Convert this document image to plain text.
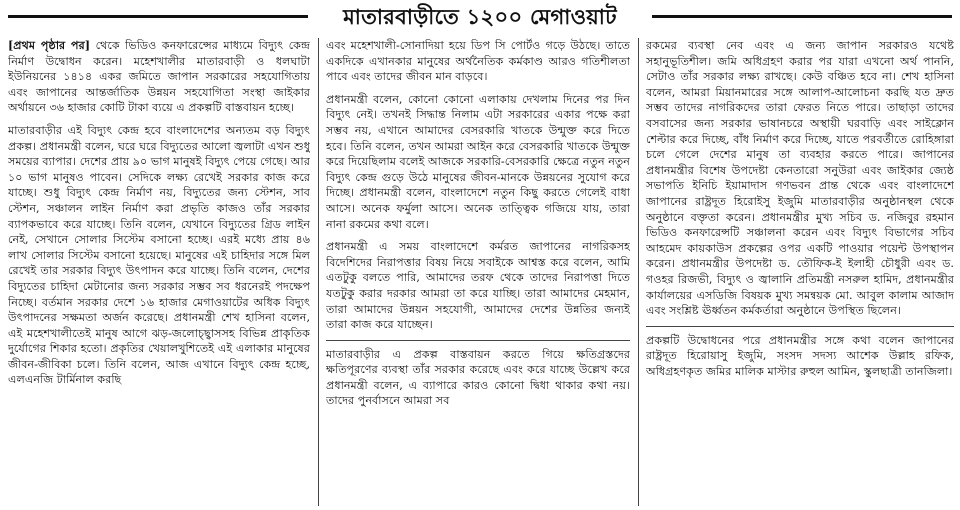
মাতারবাড়ীতে ১২০০ মেগাওয়াট

[প্রথম পৃষ্ঠার পর] থেকে ভিডিও কনফারেন্সের মাধ্যমে বিদ্যুৎ কেন্দ্র নির্মাণ উদ্বোধন করেন। মহেশখালীর মাতারবাড়ী ও ধলঘাটা ইউনিয়নের ১৪১৪ একর জমিতে জাপান সরকারের সহযোগিতায় এবং জাপানের আন্তর্জাতিক উন্নয়ন সহযোগিতা সংস্থা জাইকার অর্থায়নে ৩৬ হাজার কোটি টাকা ব্যয়ে এ প্রকল্পটি বাস্তবায়ন হচ্ছে।

মাতারবাড়ীর এই বিদ্যুৎ কেন্দ্র হবে বাংলাদেশের অন্যতম বড় বিদ্যুৎ প্রকল্প। প্রধানমন্ত্রী বলেন, ঘরে ঘরে বিদ্যুতের আলো জ্বলাটা এখন শুধু সময়ের ব্যাপার। দেশের প্রায় ৯০ ভাগ মানুষই বিদ্যুৎ পেয়ে গেছে। আর ১০ ভাগ মানুষও পাবেন। সেদিকে লক্ষ্য রেখেই সরকার কাজ করে যাচ্ছে। শুধু বিদ্যুৎ কেন্দ্র নির্মাণ নয়, বিদ্যুতের জন্য স্টেশন, সাব স্টেশন, সঞ্চালন লাইন নির্মাণ করা প্রভৃতি কাজও তাঁর সরকার ব্যাপকভাবে করে যাচ্ছে। তিনি বলেন, যেখানে বিদ্যুতের গ্রিড লাইন নেই, সেখানে সোলার সিস্টেম বসানো হচ্ছে। এরই মধ্যে প্রায় ৪৬ লাখ সোলার সিস্টেম বসানো হয়েছে। মানুষের এই চাহিদার সঙ্গে মিল রেখেই তার সরকার বিদ্যুৎ উৎপাদন করে যাচ্ছে। তিনি বলেন, দেশের বিদ্যুতের চাহিদা মেটানোর জন্য সরকার সম্ভব সব ধরনেরই পদক্ষেপ নিচ্ছে। বর্তমান সরকার দেশে ১৬ হাজার মেগাওয়াটের অধিক বিদ্যুৎ উৎপাদনের সক্ষমতা অর্জন করেছে। প্রধানমন্ত্রী শেখ হাসিনা বলেন, এই মহেশখালীতেই মানুষ আগে ঝড়-জলোচ্ছ্বাসসহ বিভিন্ন প্রাকৃতিক দুর্যোগের শিকার হতো। প্রকৃতির খেয়ালখুশিতেই এই এলাকার মানুষের জীবন-জীবিকা চলে। তিনি বলেন, আজ এখানে বিদ্যুৎ কেন্দ্র হচ্ছে, এলএনজি টার্মিনাল করছি

এবং মহেশখালী-সোনাদিয়া হয়ে ডিপ সি পোর্টও গড়ে উঠছে। তাতে একদিকে এখানকার মানুষের অর্থনৈতিক কর্মকাণ্ড আরও গতিশীলতা পাবে এবং তাদের জীবন মান বাড়বে।

প্রধানমন্ত্রী বলেন, কোনো কোনো এলাকায় দেখলাম দিনের পর দিন বিদ্যুৎ নেই। তখনই সিদ্ধান্ত নিলাম এটা সরকারের একার পক্ষে করা সম্ভব নয়, এখানে আমাদের বেসরকারি খাতকে উন্মুক্ত করে দিতে হবে। তিনি বলেন, তখন আমরা আইন করে বেসরকারি খাতকে উন্মুক্ত করে দিয়েছিলাম বলেই আজকে সরকারি-বেসরকারি ক্ষেত্রে নতুন নতুন বিদ্যুৎ কেন্দ্র গুড়ে উঠে মানুষের জীবন-মানকে উন্নয়নের সুযোগ করে দিচ্ছে। প্রধানমন্ত্রী বলেন, বাংলাদেশে নতুন কিছু করতে গেলেই বাধা আসে। অনেক ফর্মুলা আসে। অনেক তাত্ত্বিক গজিয়ে যায়, তারা নানা রকমের কথা বলে।

প্রধানমন্ত্রী এ সময় বাংলাদেশে কর্মরত জাপানের নাগরিকসহ বিদেশিদের নিরাপত্তার বিষয় নিয়ে সবাইকে আশ্বস্ত করে বলেন, আমি এতটুকু বলতে পারি, আমাদের তরফ থেকে তাদের নিরাপত্তা দিতে যতটুকু করার দরকার আমরা তা করে যাচ্ছি। তারা আমাদের মেহমান, তারা আমাদের উন্নয়ন সহযোগী, আমাদের দেশের উন্নতির জন্যই তারা কাজ করে যাচ্ছেন।

মাতারবাড়ীর এ প্রকল্প বাস্তবায়ন করতে গিয়ে ক্ষতিগ্রস্তদের ক্ষতিপূরণের ব্যবস্থা তাঁর সরকার করেছে এবং করে যাচ্ছে উল্লেখ করে প্রধানমন্ত্রী বলেন, এ ব্যাপারে কারও কোনো দ্বিধা থাকার কথা নয়। তাদের পুনর্বাসনে আমরা সব

রকমের ব্যবস্থা নেব এবং এ জন্য জাপান সরকারও যথেষ্ট সহানুভূতিশীল। জমি অধিগ্রহণ করার পর যারা এখনো অর্থ পাননি, সেটাও তাঁর সরকার লক্ষ্য রাখছে। কেউ বঞ্চিত হবে না। শেখ হাসিনা বলেন, আমরা মিয়ানমারের সঙ্গে আলাপ-আলোচনা করছি যত দ্রুত সম্ভব তাদের নাগরিকদের তারা ফেরত নিতে পারে। তাছাড়া তাদের বসবাসের জন্য সরকার ভাষানচরে অস্থায়ী ঘরবাড়ি এবং সাইক্লোন শেল্টার করে দিচ্ছে, বাঁধ নির্মাণ করে দিচ্ছে, যাতে পরবর্তীতে রোহিঙ্গারা চলে গেলে দেশের মানুষ তা ব্যবহার করতে পারে। জাপানের প্রধানমন্ত্রীর বিশেষ উপদেষ্টা কেনতারো সনুউরা এবং জাইকার জ্যেষ্ঠ সভাপতি ইনিচি ইয়ামাদাস গণভবন প্রান্ত থেকে এবং বাংলাদেশে জাপানের রাষ্ট্রদূত হিরোইসু ইজুমি মাতারবাড়ীর অনুষ্ঠানস্থল থেকে অনুষ্ঠানে বক্তৃতা করেন। প্রধানমন্ত্রীর মুখ্য সচিব ড. নজিবুর রহমান ভিডিও কনফারেন্সটি সঞ্চালনা করেন এবং বিদ্যুৎ বিভাগের সচিব আহমেদ কায়কাউস প্রকল্পের ওপর একটি পাওয়ার পয়েন্ট উপস্থাপন করেন। প্রধানমন্ত্রীর উপদেষ্টা ড. তৌফিক-ই ইলাহী চৌধুরী এবং ড. গওহর রিজভী, বিদ্যুৎ ও জ্বালানি প্রতিমন্ত্রী নসরুল হামিদ, প্রধানমন্ত্রীর কার্যালয়ের এসডিজি বিষয়ক মুখ্য সমন্বয়ক মো. আবুল কালাম আজাদ এবং সংশ্লিষ্ট ঊর্ধ্বতন কর্মকর্তারা অনুষ্ঠানে উপস্থিত ছিলেন।

প্রকল্পটি উদ্বোধনের পরে প্রধানমন্ত্রীর সঙ্গে কথা বলেন জাপানের রাষ্ট্রদূত হিরোয়াসু ইজুমি, সংসদ সদস্য আশেক উল্লাহ রফিক, অধিগ্রহণকৃত জমির মালিক মাস্টার রুহুল আমিন, স্কুলছাত্রী তানজিলা।
